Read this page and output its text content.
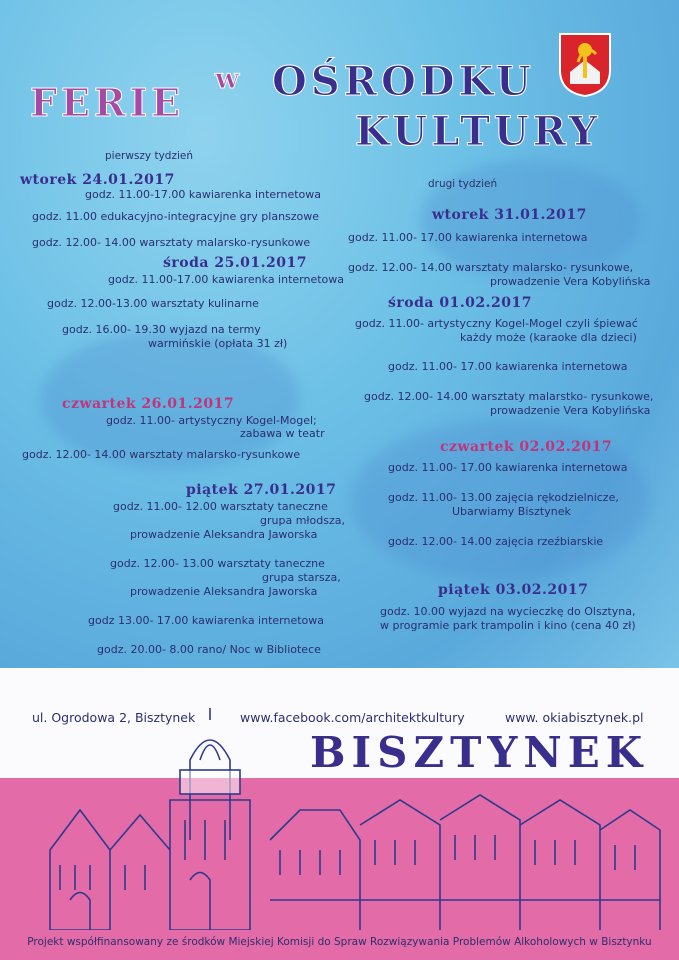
FERIE
w OŚRODKU
KULTURY
pierwszy tydzień
wtorek 24.01.2017
godz. 11.00-17.00 kawiarenka internetowa
godz. 11.00 edukacyjno-integracyjne gry planszowe
godz. 12.00- 14.00 warsztaty malarsko-rysunkowe
środa 25.01.2017
godz. 11.00-17.00 kawiarenka internetowa
godz. 12.00-13.00 warsztaty kulinarne
godz. 16.00- 19.30 wyjazd na termy
warmińskie (opłata 31 zł)
czwartek 26.01.2017
godz. 11.00- artystyczny Kogel-Mogel;
zabawa w teatr
godz. 12.00- 14.00 warsztaty malarsko-rysunkowe
piątek 27.01.2017
godz. 11.00- 12.00 warsztaty taneczne
grupa młodsza,
prowadzenie Aleksandra Jaworska
godz. 12.00- 13.00 warsztaty taneczne
grupa starsza,
prowadzenie Aleksandra Jaworska
godz 13.00- 17.00 kawiarenka internetowa
godz. 20.00- 8.00 rano/ Noc w Bibliotece
drugi tydzień
wtorek 31.01.2017
godz. 11.00- 17.00 kawiarenka internetowa
godz. 12.00- 14.00 warsztaty malarsko- rysunkowe,
prowadzenie Vera Kobylińska
środa 01.02.2017
godz. 11.00- artystyczny Kogel-Mogel czyli śpiewać
każdy może (karaoke dla dzieci)
godz. 11.00- 17.00 kawiarenka internetowa
godz. 12.00- 14.00 warsztaty malarstko- rysunkowe,
prowadzenie Vera Kobylińska
czwartek 02.02.2017
godz. 11.00- 17.00 kawiarenka internetowa
godz. 11.00- 13.00 zajęcia rękodzielnicze,
Ubarwiamy Bisztynek
godz. 12.00- 14.00 zajęcia rzeźbiarskie
piątek 03.02.2017
godz. 10.00 wyjazd na wycieczkę do Olsztyna,
w programie park trampolin i kino (cena 40 zł)
ul. Ogrodowa 2, Bisztynek	www.facebook.com/architektkultury	www. okiabisztynek.pl
BISZTYNEK
Projekt współfinansowany ze środków Miejskiej Komisji do Spraw Rozwiązywania Problemów Alkoholowych w Bisztynku
